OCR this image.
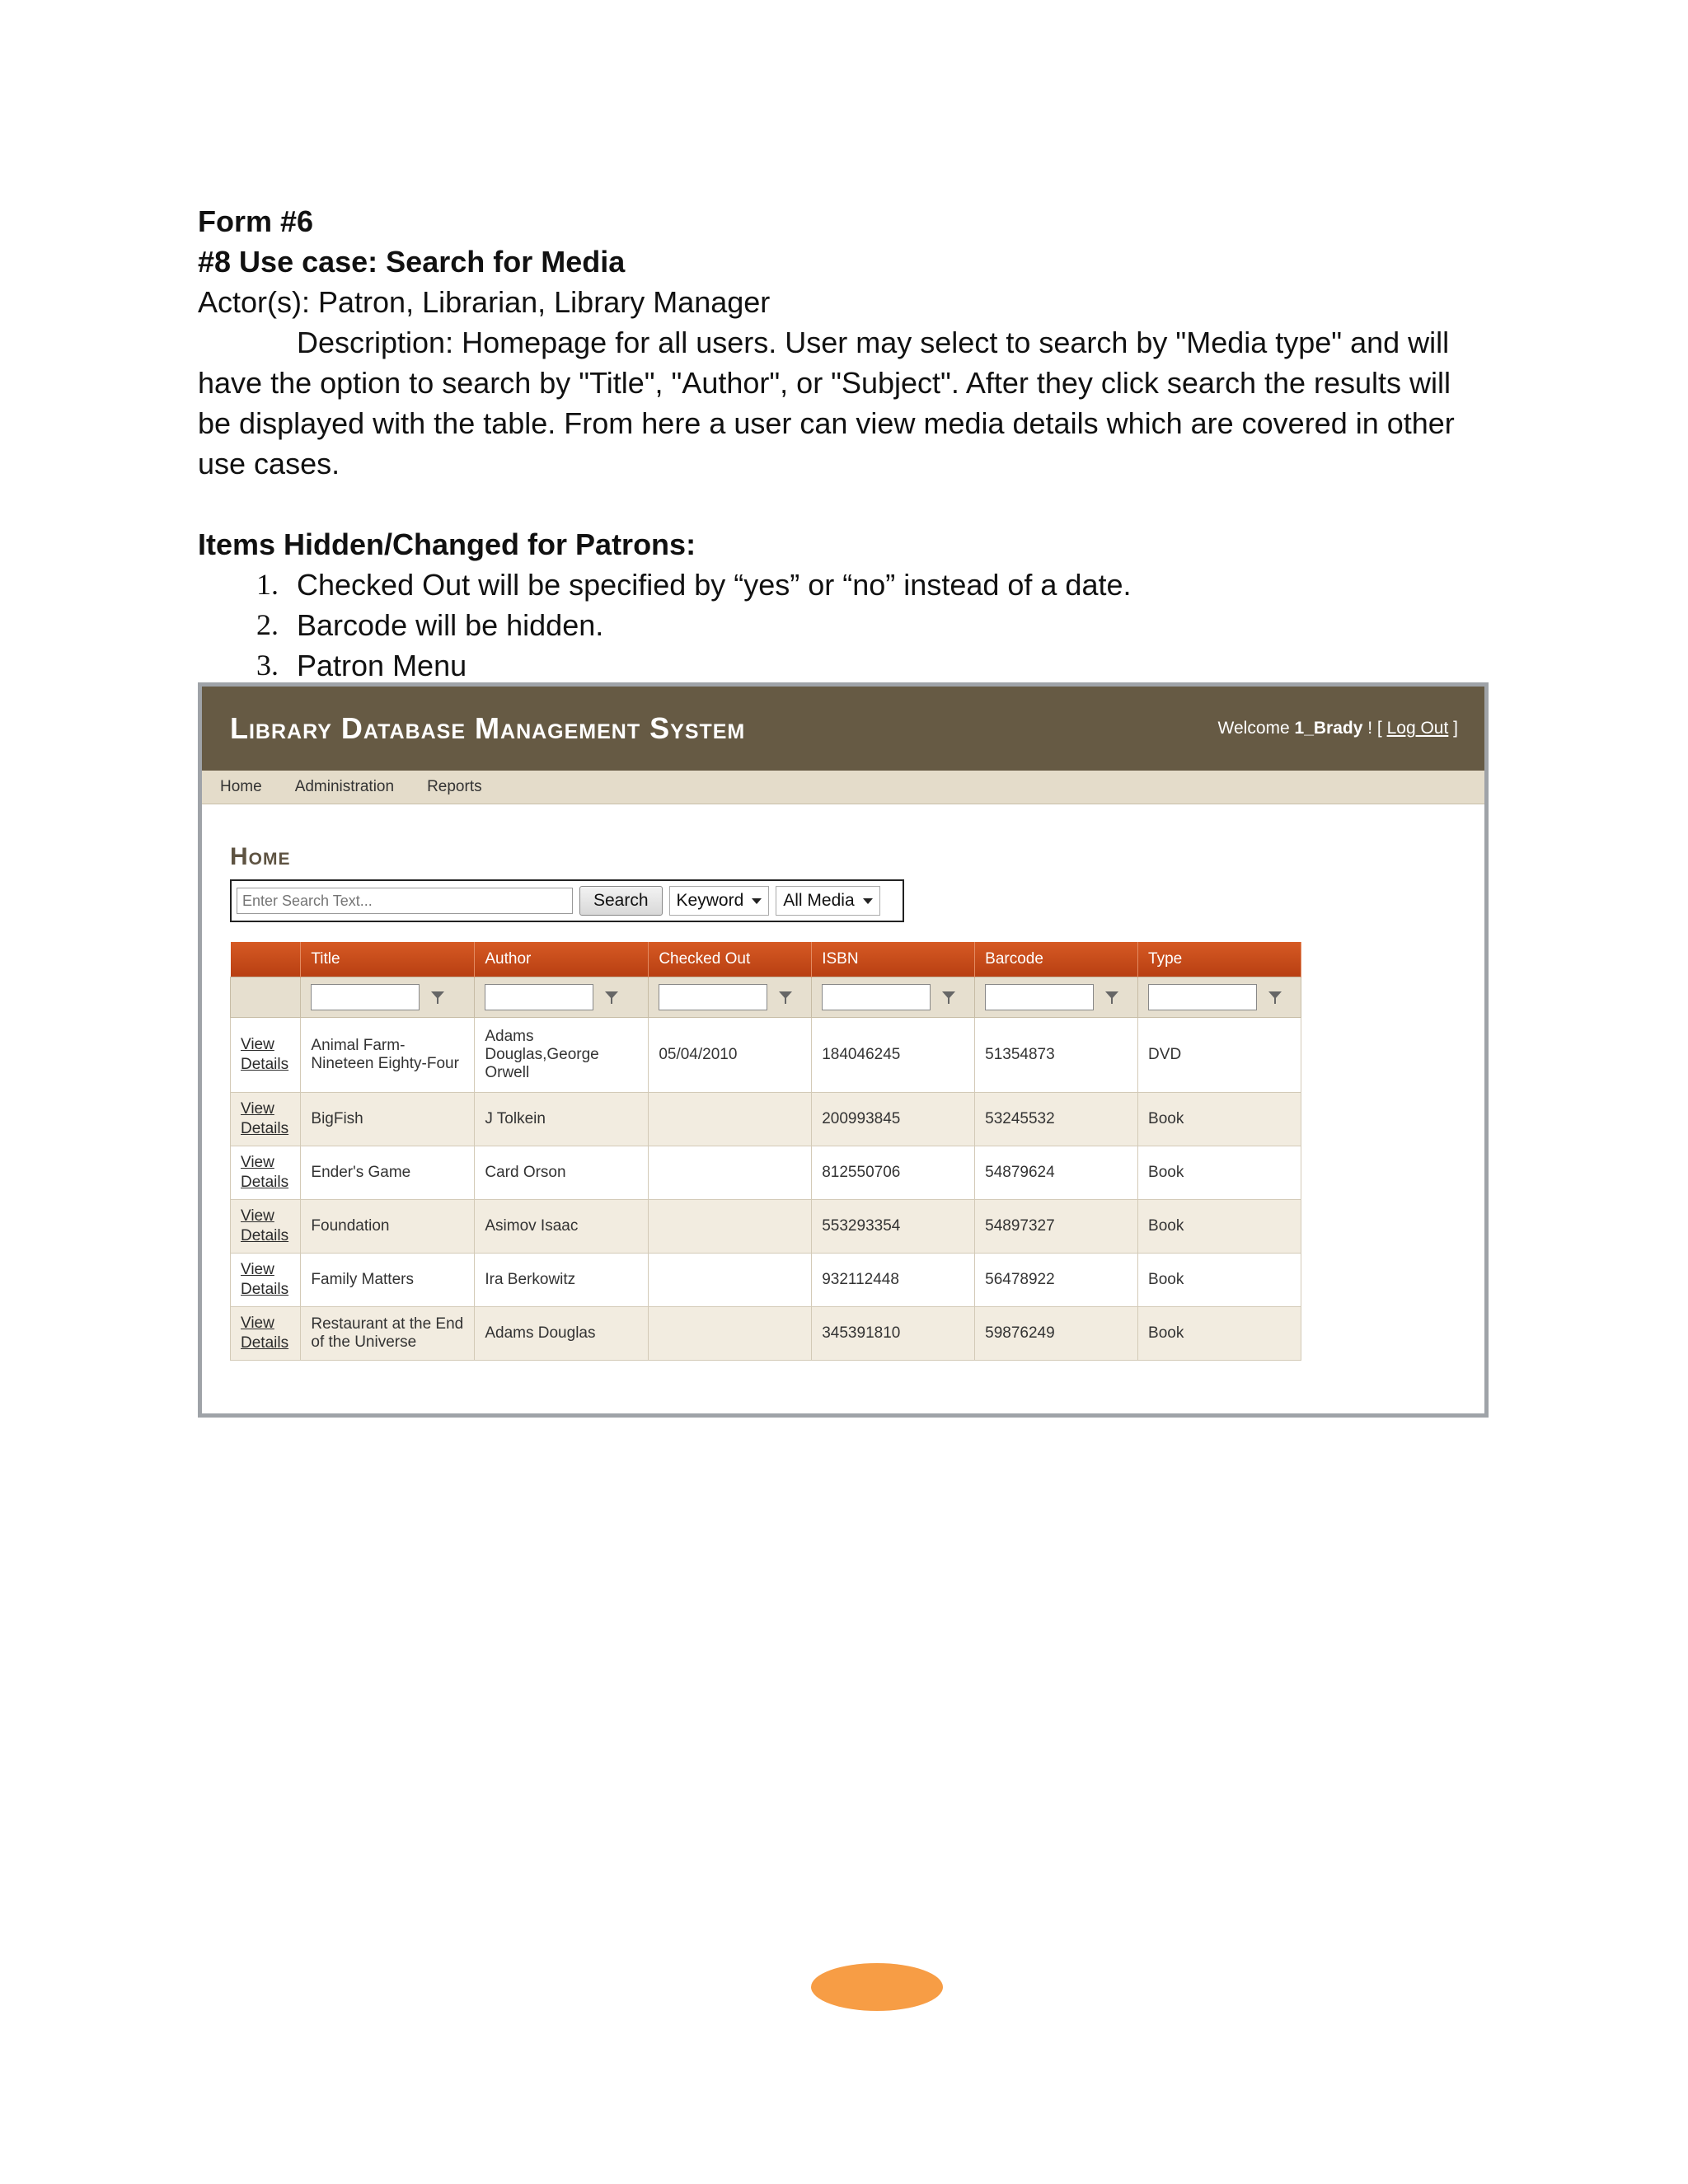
Form #6

#8 Use case: Search for Media

Actor(s): Patron, Librarian, Library Manager

Description: Homepage for all users. User may select to search by "Media type" and will have the option to search by "Title", "Author", or "Subject". After they click search the results will be displayed with the table. From here a user can view media details which are covered in other use cases.

Items Hidden/Changed for Patrons:

1. Checked Out will be specified by “yes” or “no” instead of a date.
2. Barcode will be hidden.
3. Patron Menu
Library Database Management System	Welcome 1_Brady ! [ Log Out ]
Home Administration Reports
Home
Enter Search Text...
Search	Keyword All Media
	Title	Author	Checked Out	ISBN	Barcode	Type

View
Details	Animal Farm-Nineteen Eighty-Four	Adams Douglas,George Orwell	05/04/2010	184046245	51354873	DVD

View
Details	BigFish	J Tolkein		200993845	53245532	Book

View
Details	Ender's Game	Card Orson		812550706	54879624	Book

View
Details	Foundation	Asimov Isaac		553293354	54897327	Book

View
Details	Family Matters	Ira Berkowitz		932112448	56478922	Book

View
Details	Restaurant at the End of the Universe	Adams Douglas		345391810	59876249	Book
